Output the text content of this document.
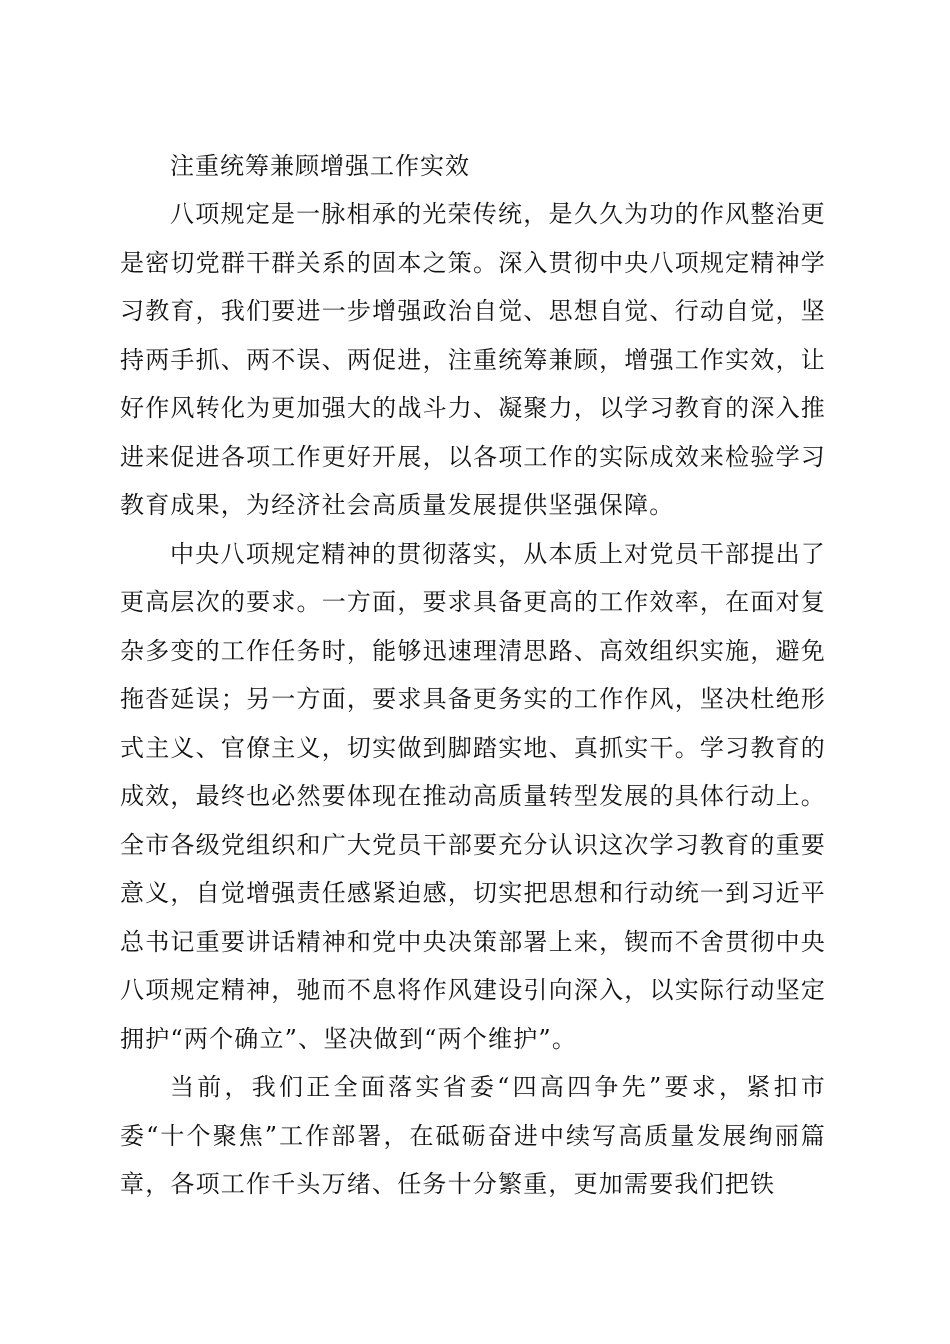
注重统筹兼顾增强工作实效

八项规定是一脉相承的光荣传统，是久久为功的作风整治更是密切党群干群关系的固本之策。深入贯彻中央八项规定精神学习教育，我们要进一步增强政治自觉、思想自觉、行动自觉，坚持两手抓、两不误、两促进，注重统筹兼顾，增强工作实效，让好作风转化为更加强大的战斗力、凝聚力，以学习教育的深入推进来促进各项工作更好开展，以各项工作的实际成效来检验学习教育成果，为经济社会高质量发展提供坚强保障。

中央八项规定精神的贯彻落实，从本质上对党员干部提出了更高层次的要求。一方面，要求具备更高的工作效率，在面对复杂多变的工作任务时，能够迅速理清思路、高效组织实施，避免拖沓延误；另一方面，要求具备更务实的工作作风，坚决杜绝形式主义、官僚主义，切实做到脚踏实地、真抓实干。学习教育的成效，最终也必然要体现在推动高质量转型发展的具体行动上。全市各级党组织和广大党员干部要充分认识这次学习教育的重要意义，自觉增强责任感紧迫感，切实把思想和行动统一到习近平总书记重要讲话精神和党中央决策部署上来，锲而不舍贯彻中央八项规定精神，驰而不息将作风建设引向深入，以实际行动坚定拥护“两个确立”、坚决做到“两个维护”。

当前，我们正全面落实省委“四高四争先”要求，紧扣市委“十个聚焦”工作部署，在砥砺奋进中续写高质量发展绚丽篇章，各项工作千头万绪、任务十分繁重，更加需要我们把铁
